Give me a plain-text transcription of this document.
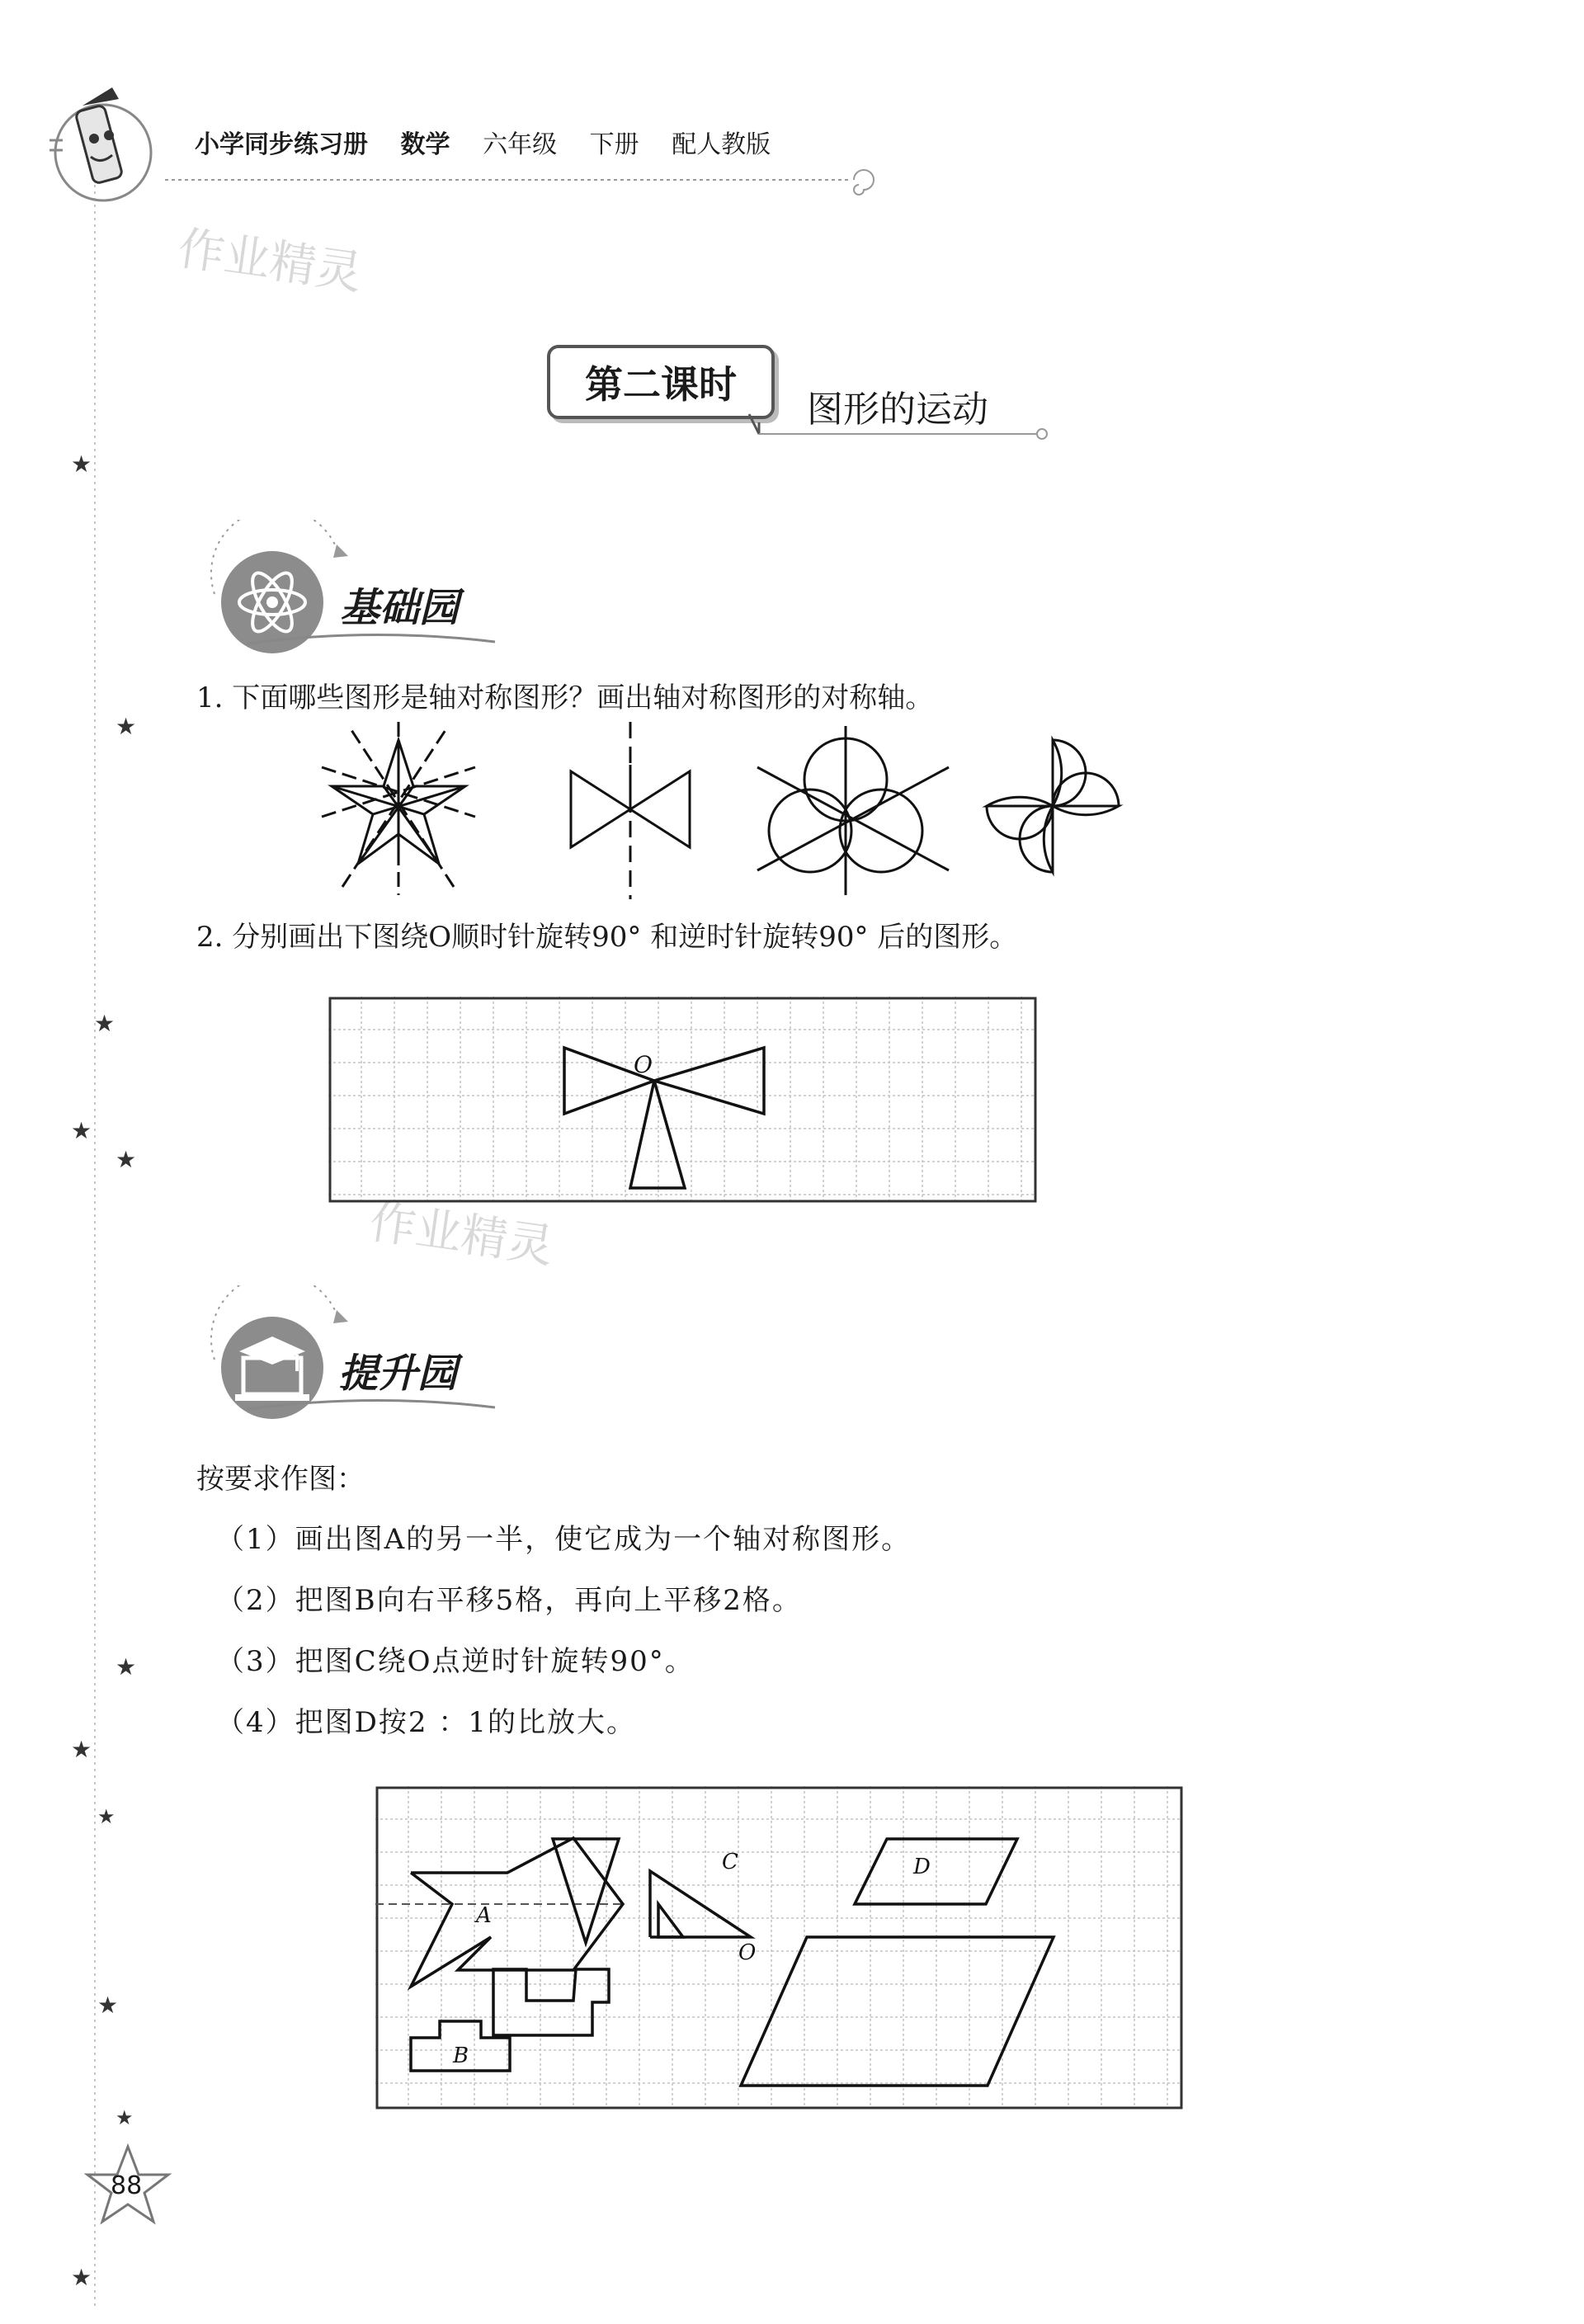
★
★
★
★
★
★
★
★
★
★
★
小学同步练习册 数学 六年级 下册 配人教版
作业精灵
作业精灵
第二课时
图形的运动
基础园
1. 下面哪些图形是轴对称图形？画出轴对称图形的对称轴。
2. 分别画出下图绕O顺时针旋转90° 和逆时针旋转90° 后的图形。
O
提升园
按要求作图：
（1）画出图A的另一半，使它成为一个轴对称图形。
（2）把图B向右平移5格，再向上平移2格。
（3）把图C绕O点逆时针旋转90°。
（4）把图D按2 ：1的比放大。
A
B
C
O
D
88
